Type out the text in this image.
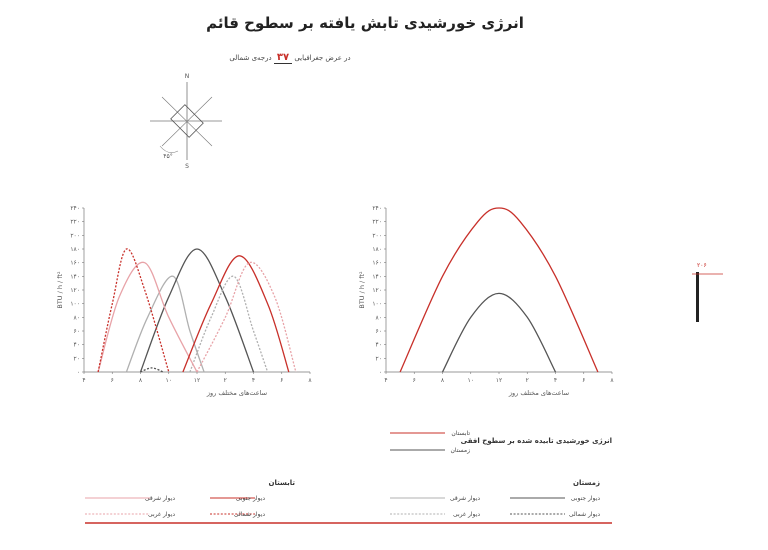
انرژی خورشیدی تابش یافته بر سطوح قائم
در عرض جغرافیایی ۳۷ درجه‌ی شمالی
۲۰۶
N
S
۴۵°
۰
۲۰
۴۰
۶۰
۸۰
۱۰۰
۱۲۰
۱۴۰
۱۶۰
۱۸۰
۲۰۰
۲۲۰
۲۴۰
۴	۶	۸	۱۰	۱۲	۲	۴	۶	۸
ساعت‌های مختلف روز
BTU / h / ft²
۰
۲۰
۴۰
۶۰
۸۰
۱۰۰
۱۲۰
۱۴۰
۱۶۰
۱۸۰
۲۰۰
۲۲۰
۲۴۰
۴	۶	۸	۱۰	۱۲	۲	۴	۶	۸
ساعت‌های مختلف روز
BTU / h / ft²
تابستان
زمستان
انرژی خورشیدی تابیده شده بر سطوح افقی
تابستان	زمستان
دیوار جنوبی
دیوار شرقی
دیوار شمالی
دیوار غربی
دیوار جنوبی
دیوار شرقی
دیوار شمالی
دیوار غربی
